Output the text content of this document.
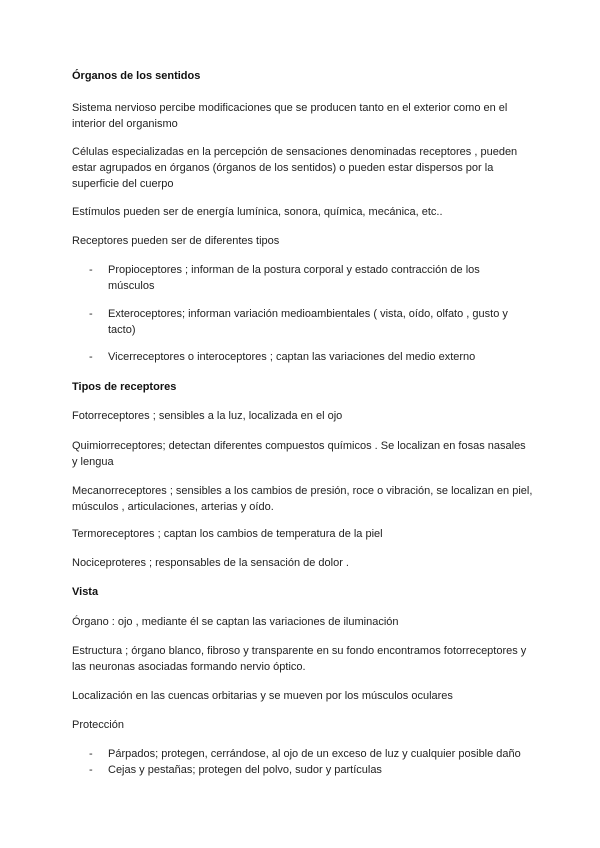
Órganos de los sentidos

Sistema nervioso percibe modificaciones que se producen tanto en el exterior como en el interior del organismo

Células especializadas en la percepción de sensaciones denominadas receptores , pueden estar agrupados en órganos (órganos de los sentidos) o pueden estar dispersos por la superficie del cuerpo

Estímulos pueden ser de energía lumínica, sonora, química, mecánica, etc..

Receptores pueden ser de diferentes tipos

- Propioceptores ; informan de la postura corporal y estado contracción de los músculos
- Exteroceptores; informan variación medioambientales ( vista, oído, olfato , gusto y tacto)
- Vicerreceptores o interoceptores ; captan las variaciones del medio externo

Tipos de receptores

Fotorreceptores ; sensibles a la luz, localizada en el ojo

Quimiorreceptores; detectan diferentes compuestos químicos . Se localizan en fosas nasales y lengua

Mecanorreceptores ; sensibles a los cambios de presión, roce o vibración, se localizan en piel, músculos , articulaciones, arterias y oído.

Termoreceptores ; captan los cambios de temperatura de la piel

Nociceproteres ; responsables de la sensación de dolor .

Vista

Órgano : ojo , mediante él se captan las variaciones de iluminación

Estructura ; órgano blanco, fibroso y transparente en su fondo encontramos fotorreceptores y las neuronas asociadas formando nervio óptico.

Localización en las cuencas orbitarias y se mueven por los músculos oculares

Protección

- Párpados; protegen, cerrándose, al ojo de un exceso de luz y cualquier posible daño
- Cejas y pestañas; protegen del polvo, sudor y partículas
